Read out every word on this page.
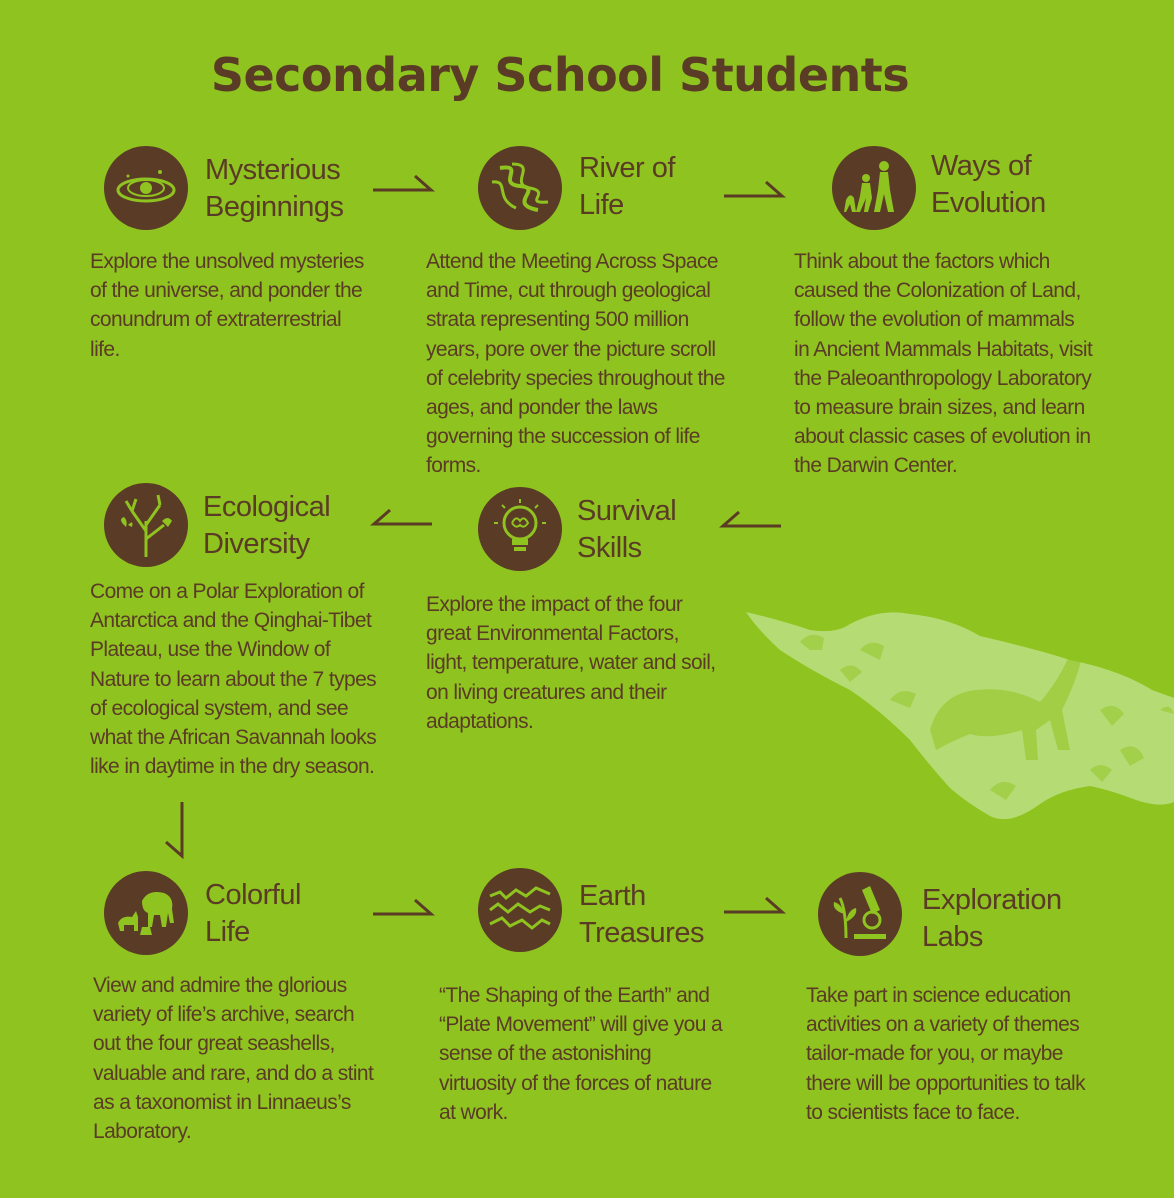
Secondary School Students
Mysterious
Beginnings
Explore the unsolved mysteries of the universe, and ponder the conundrum of extraterrestrial life.
River of
Life
Attend the Meeting Across Space and Time, cut through geological strata representing 500 million years, pore over the picture scroll of celebrity species throughout the ages, and ponder the laws governing the succession of life forms.
Ways of
Evolution
Think about the factors which caused the Colonization of Land, follow the evolution of mammals in Ancient Mammals Habitats, visit the Paleoanthropology Laboratory to measure brain sizes, and learn about classic cases of evolution in the Darwin Center.
Ecological
Diversity
Come on a Polar Exploration of Antarctica and the Qinghai-Tibet Plateau, use the Window of Nature to learn about the 7 types of ecological system, and see what the African Savannah looks like in daytime in the dry season.
Survival
Skills
Explore the impact of the four great Environmental Factors, light, temperature, water and soil, on living creatures and their adaptations.
Colorful
Life
View and admire the glorious variety of life’s archive, search out the four great seashells, valuable and rare, and do a stint as a taxonomist in Linnaeus’s Laboratory.
Earth
Treasures
“The Shaping of the Earth” and “Plate Movement” will give you a sense of the astonishing virtuosity of the forces of nature at work.
Exploration
Labs
Take part in science education activities on a variety of themes tailor-made for you, or maybe there will be opportunities to talk to scientists face to face.
